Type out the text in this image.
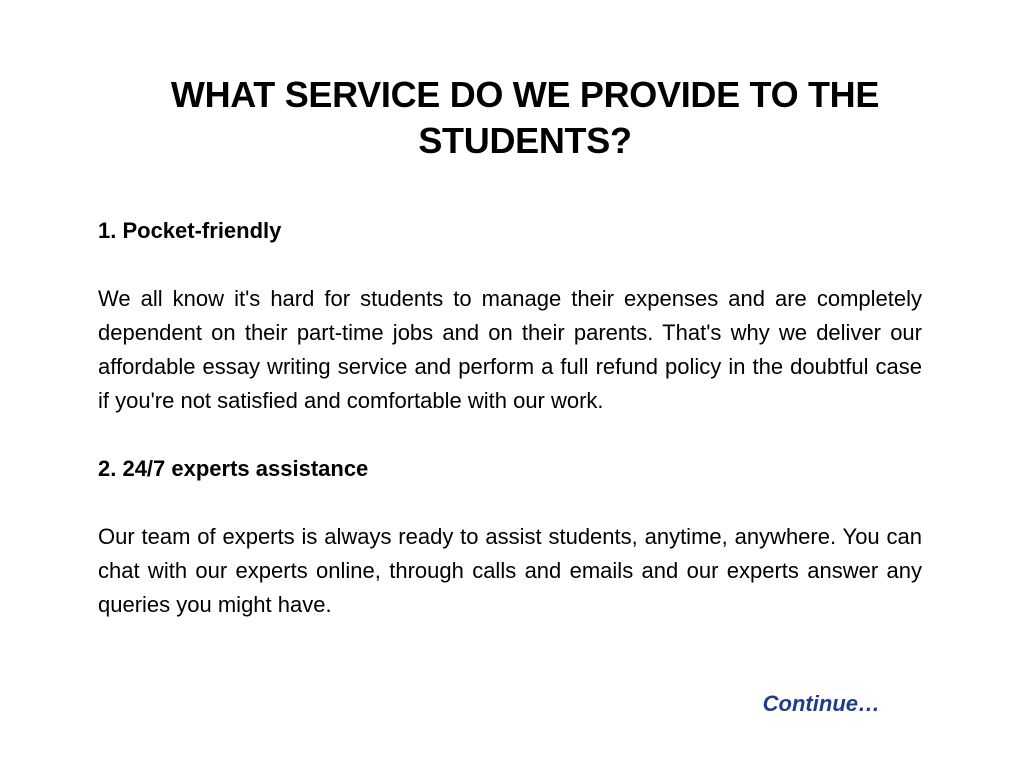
WHAT SERVICE DO WE PROVIDE TO THE STUDENTS?

1. Pocket-friendly

We all know it's hard for students to manage their expenses and are completely dependent on their part-time jobs and on their parents. That's why we deliver our affordable essay writing service and perform a full refund policy in the doubtful case if you're not satisfied and comfortable with our work.

2. 24/7 experts assistance

Our team of experts is always ready to assist students, anytime, anywhere. You can chat with our experts online, through calls and emails and our experts answer any queries you might have.

Continue…
